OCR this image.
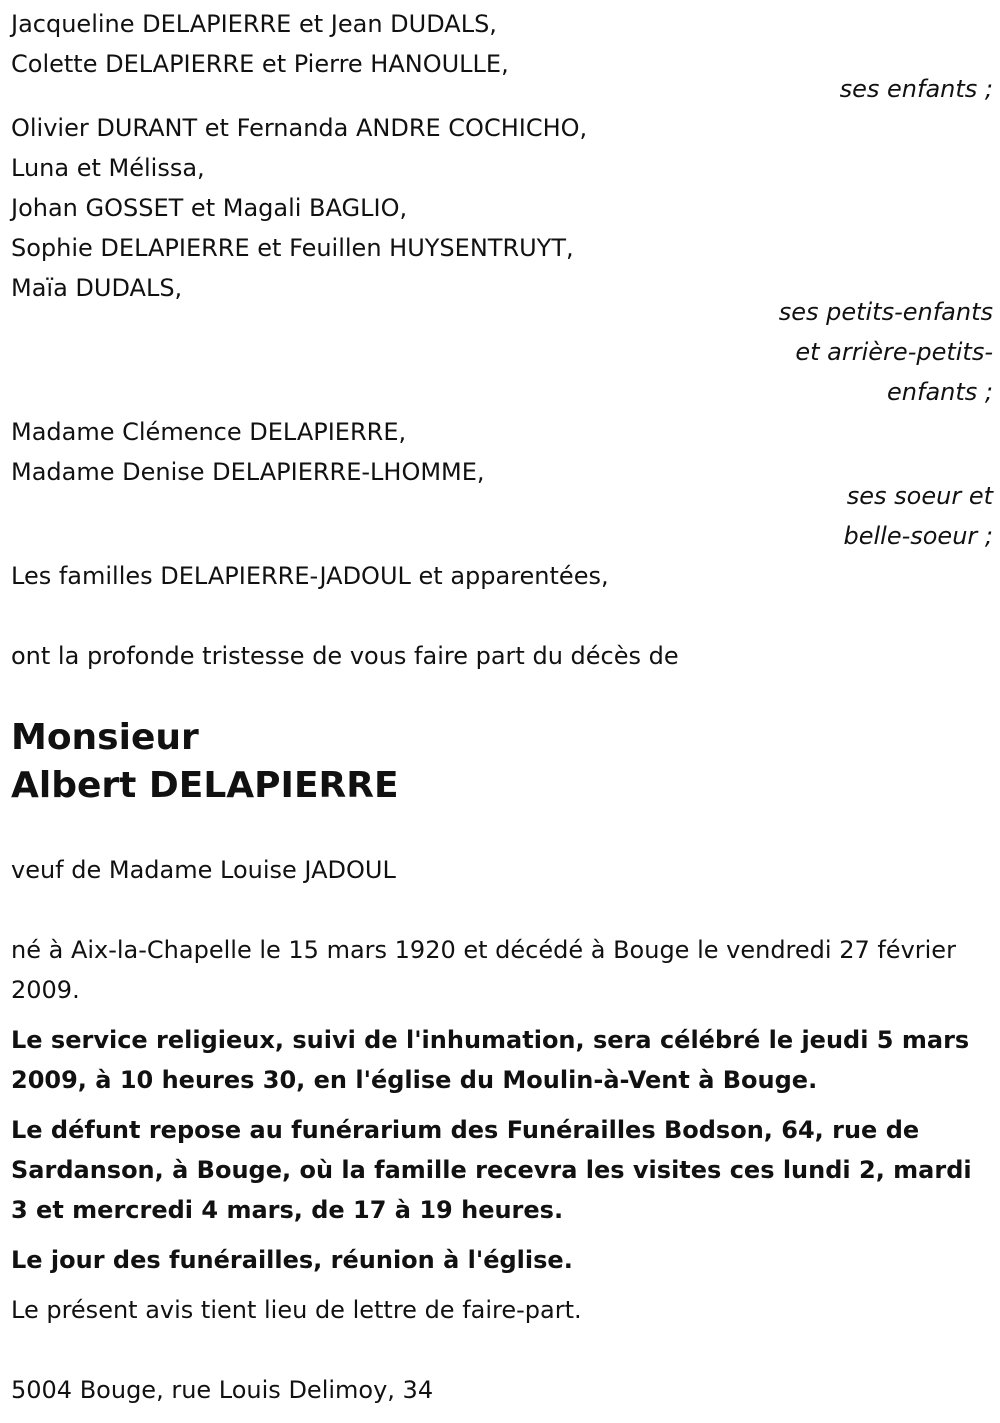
Jacqueline DELAPIERRE et Jean DUDALS,
Colette DELAPIERRE et Pierre HANOULLE,
ses enfants ;
Olivier DURANT et Fernanda ANDRE COCHICHO,
Luna et Mélissa,
Johan GOSSET et Magali BAGLIO,
Sophie DELAPIERRE et Feuillen HUYSENTRUYT,
Maïa DUDALS,
ses petits-enfants
et arrière-petits-
enfants ;
Madame Clémence DELAPIERRE,
Madame Denise DELAPIERRE-LHOMME,
ses soeur et
belle-soeur ;
Les familles DELAPIERRE-JADOUL et apparentées,
ont la profonde tristesse de vous faire part du décès de
Monsieur
Albert DELAPIERRE
veuf de Madame Louise JADOUL
né à Aix-la-Chapelle le 15 mars 1920 et décédé à Bouge le vendredi 27 février 2009.
Le service religieux, suivi de l'inhumation, sera célébré le jeudi 5 mars 2009, à 10 heures 30, en l'église du Moulin-à-Vent à Bouge.
Le défunt repose au funérarium des Funérailles Bodson, 64, rue de Sardanson, à Bouge, où la famille recevra les visites ces lundi 2, mardi 3 et mercredi 4 mars, de 17 à 19 heures.
Le jour des funérailles, réunion à l'église.
Le présent avis tient lieu de lettre de faire-part.
5004 Bouge, rue Louis Delimoy, 34
